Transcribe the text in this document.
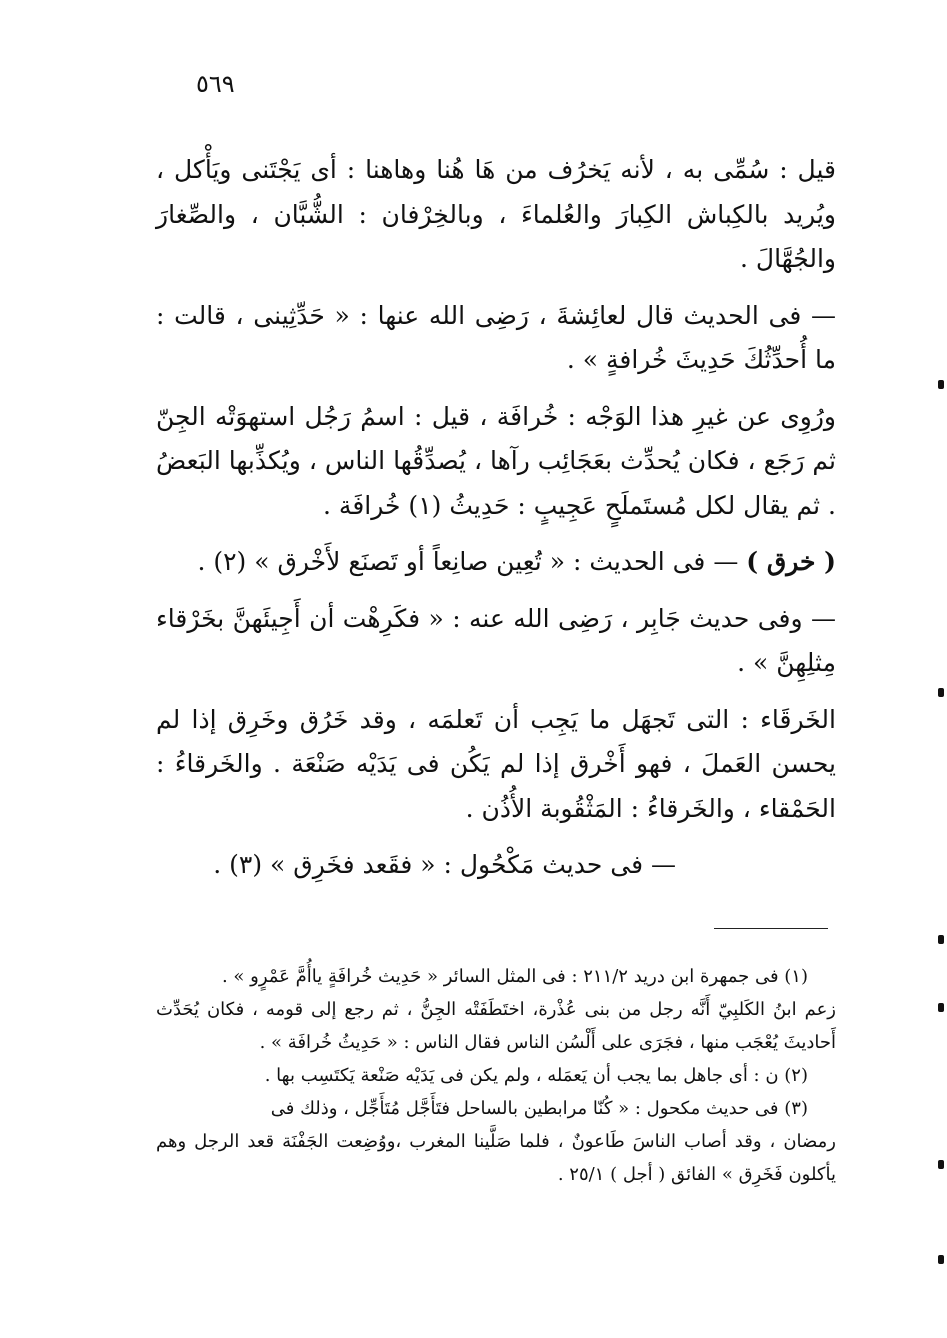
٥٦٩

قيل : سُمِّى به ، لأنه يَخرُف من هَا هُنا وهاهنا : أى يَجْتَنى ويَأْكل ، ويُريد بالكِباش الكِبارَ والعُلماءَ ، وبالخِرْفان : الشُّبَّان ، والصِّغارَ والجُهَّالَ .

— فى الحديث قال لعائِشةَ ، رَضِى الله عنها : « حَدِّثِينى ، قالت : ما أُحدِّثُكَ حَدِيثَ خُرافةٍ » .

ورُوِى عن غيرِ هذا الوَجْه : خُرافَة ، قيل : اسمُ رَجُل استهوَتْه الجِنّ ثم رَجَع ، فكان يُحدِّث بعَجَائِب رآها ، يُصدِّقُها الناس ، ويُكذِّبها البَعضُ . ثم يقال لكل مُستَملَحٍ عَجِيبٍ : حَدِيثُ (١) خُرافَة .

( خرق ) — فى الحديث : « تُعِين صانِعاً أو تَصنَع لأَخْرق » (٢) .

— وفى حديث جَابِر ، رَضِى الله عنه : « فكَرِهْت أن أَجِيئَهنَّ بخَرْقاء مِثلِهِنَّ » .

الخَرقَاء : التى تَجهَل ما يَجِب أن تَعلمَه ، وقد خَرُق وخَرِق إذا لم يحسن العَملَ ، فهو أَخْرق إذا لم يَكُن فى يَدَيْه صَنْعَة . والخَرقاءُ : الحَمْقاء ، والخَرقاءُ : المَثْقُوبة الأُذُن .

— فى حديث مَكْحُول : « فقَعد فخَرِق » (٣) .

(١) فى جمهرة ابن دريد ٢١١/٢ : فى المثل السائر « حَدِيث خُرافَةٍ ياأُمَّ عَمْرٍو » .

زعم ابنُ الكَلبِيّ أَنَّه رجل من بنى عُذْرة، اختَطَفَتْه الجِنُّ ، ثم رجع إلى قومه ، فكان يُحَدِّث أَحاديثَ يُعْجَب منها ، فجَرَى على أَلْسُن الناس فقال الناس : « حَدِيثُ خُرافَة » .

(٢) ن : أى جاهل بما يجب أن يَعمَله ، ولم يكن فى يَدَيْه صَنْعة يَكتَسِب بها .

(٣) فى حديث مكحول : « كُنّا مرابطين بالساحل فتَأَجَّل مُتَأَجِّل ، وذلك فى

رمضان ، وقد أصاب الناسَ طَاعونٌ ، فلما صَلَّينا المغرب ،ووُضِعت الجَفْنَة قعد الرجل وهم يأكلون فَخَرِق » الفائق ( أجل ) ٢٥/١ .
